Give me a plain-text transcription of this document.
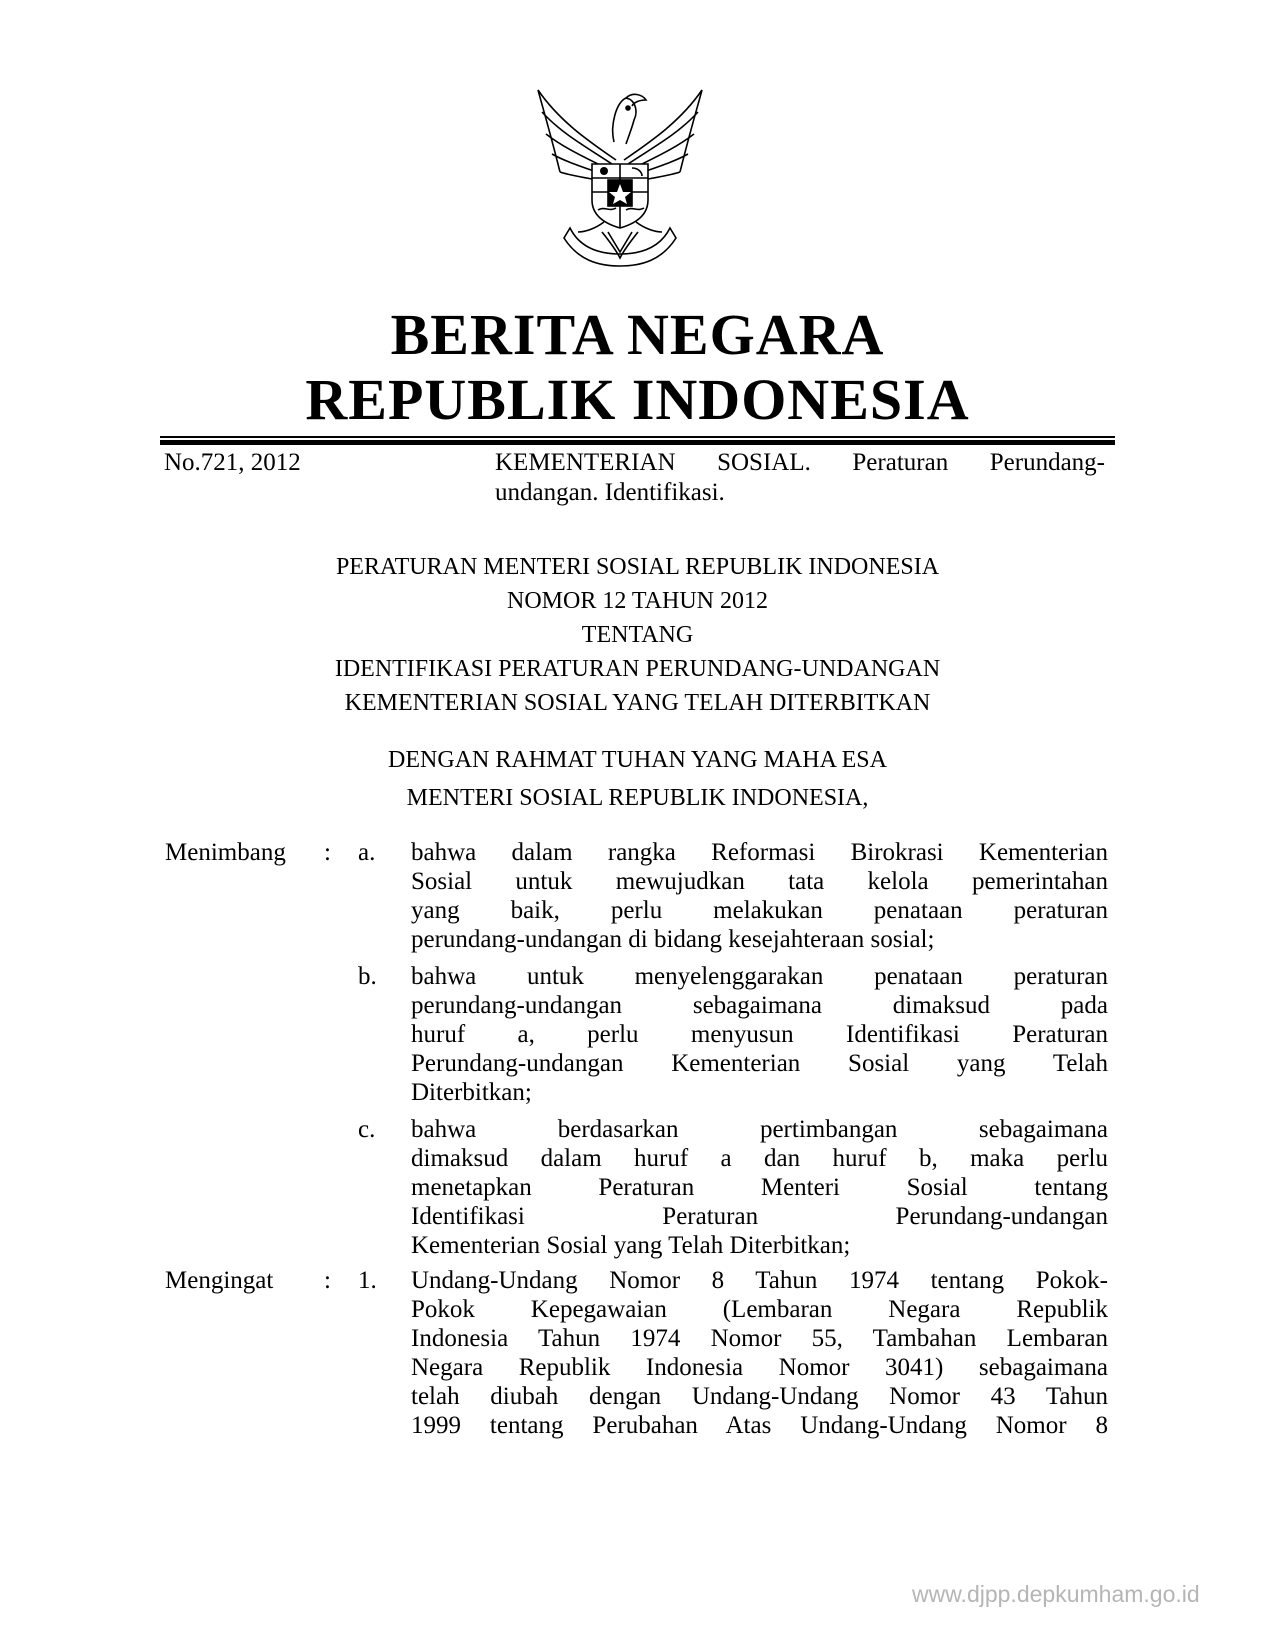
BERITA NEGARA
REPUBLIK INDONESIA
No.721, 2012	KEMENTERIAN SOSIAL. Peraturan Perundang-
undangan. Identifikasi.
PERATURAN MENTERI SOSIAL REPUBLIK INDONESIA
NOMOR 12 TAHUN 2012
TENTANG
IDENTIFIKASI PERATURAN PERUNDANG-UNDANGAN
KEMENTERIAN SOSIAL YANG TELAH DITERBITKAN
DENGAN RAHMAT TUHAN YANG MAHA ESA
MENTERI SOSIAL REPUBLIK INDONESIA,
Menimbang : a. bahwa dalam rangka Reformasi Birokrasi Kementerian
Sosial untuk mewujudkan tata kelola pemerintahan
yang baik, perlu melakukan penataan peraturan
perundang-undangan di bidang kesejahteraan sosial;
b. bahwa untuk menyelenggarakan penataan peraturan
perundang-undangan sebagaimana dimaksud pada
huruf a, perlu menyusun Identifikasi Peraturan
Perundang-undangan Kementerian Sosial yang Telah
Diterbitkan;
c. bahwa berdasarkan pertimbangan sebagaimana
dimaksud dalam huruf a dan huruf b, maka perlu
menetapkan Peraturan Menteri Sosial tentang
Identifikasi Peraturan Perundang-undangan
Kementerian Sosial yang Telah Diterbitkan;
Mengingat : 1. Undang-Undang Nomor 8 Tahun 1974 tentang Pokok-
Pokok Kepegawaian (Lembaran Negara Republik
Indonesia Tahun 1974 Nomor 55, Tambahan Lembaran
Negara Republik Indonesia Nomor 3041) sebagaimana
telah diubah dengan Undang-Undang Nomor 43 Tahun
1999 tentang Perubahan Atas Undang-Undang Nomor 8
www.djpp.depkumham.go.id
